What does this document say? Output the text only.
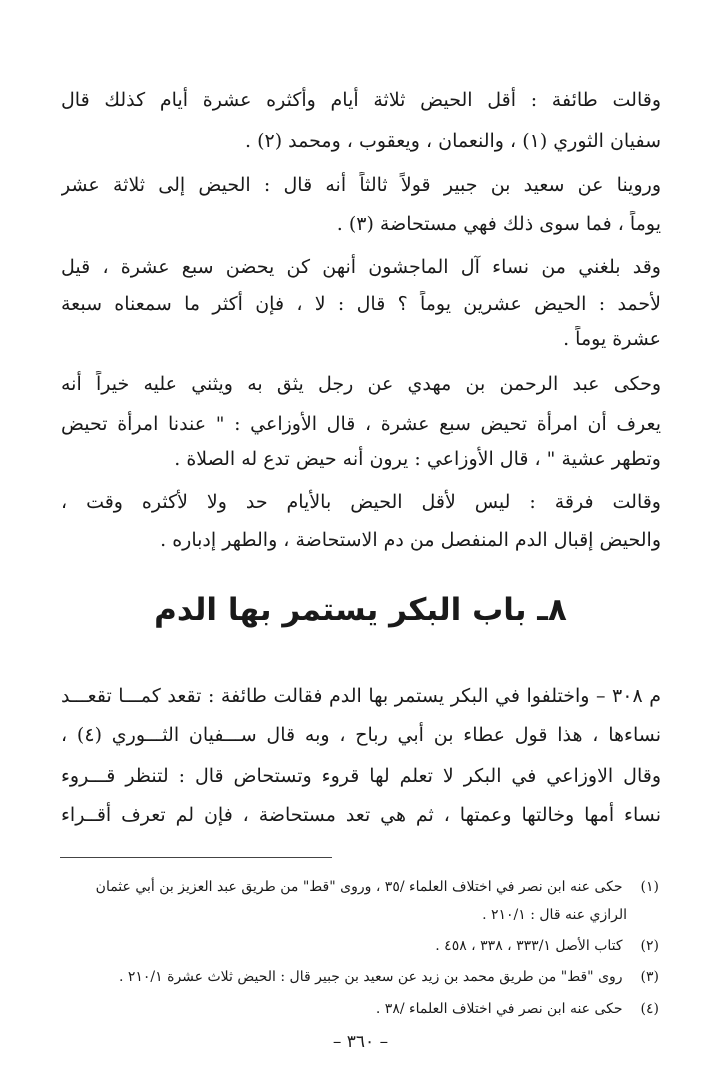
وقالت طائفة : أقل الحيض ثلاثة أيام وأكثره عشرة أيام كذلك قال
سفيان الثوري (١) ، والنعمان ، ويعقوب ، ومحمد (٢) .
وروينا عن سعيد بن جبير قولاً ثالثاً أنه قال : الحيض إلى ثلاثة عشر
يوماً ، فما سوى ذلك فهي مستحاضة (٣) .
وقد بلغني من نساء آل الماجشون أنهن كن يحضن سبع عشرة ، قيل
لأحمد : الحيض عشرين يوماً ؟ قال : لا ، فإن أكثر ما سمعناه سبعة
عشرة يوماً .
وحكى عبد الرحمن بن مهدي عن رجل يثق به ويثني عليه خيراً أنه
يعرف أن امرأة تحيض سبع عشرة ، قال الأوزاعي : " عندنا امرأة تحيض
وتطهر عشية " ، قال الأوزاعي : يرون أنه حيض تدع له الصلاة .
وقالت فرقة : ليس لأقل الحيض بالأيام حد ولا لأكثره وقت ،
والحيض إقبال الدم المنفصل من دم الاستحاضة ، والطهر إدباره .
٨ـ باب البكر يستمر بها الدم
م ٣٠٨ – واختلفوا في البكر يستمر بها الدم فقالت طائفة : تقعد كمـــا تقعـــد
نساءها ، هذا قول عطاء بن أبي رباح ، وبه قال ســـفيان الثـــوري (٤) ،
وقال الاوزاعي في البكر لا تعلم لها قروء وتستحاض قال : لتنظر قـــروء
نساء أمها وخالتها وعمتها ، ثم هي تعد مستحاضة ، فإن لم تعرف أقــراء
(١) حكى عنه ابن نصر في اختلاف العلماء /٣٥ ، وروى "قط" من طريق عبد العزيز بن أبي عثمان
الرازي عنه قال : ٢١٠/١ .
(٢) كتاب الأصل ٣٣٣/١ ، ٣٣٨ ، ٤٥٨ .
(٣) روى "قط" من طريق محمد بن زيد عن سعيد بن جبير قال : الحيض ثلاث عشرة ٢١٠/١ .
(٤) حكى عنه ابن نصر في اختلاف العلماء /٣٨ .
– ٣٦٠ –
